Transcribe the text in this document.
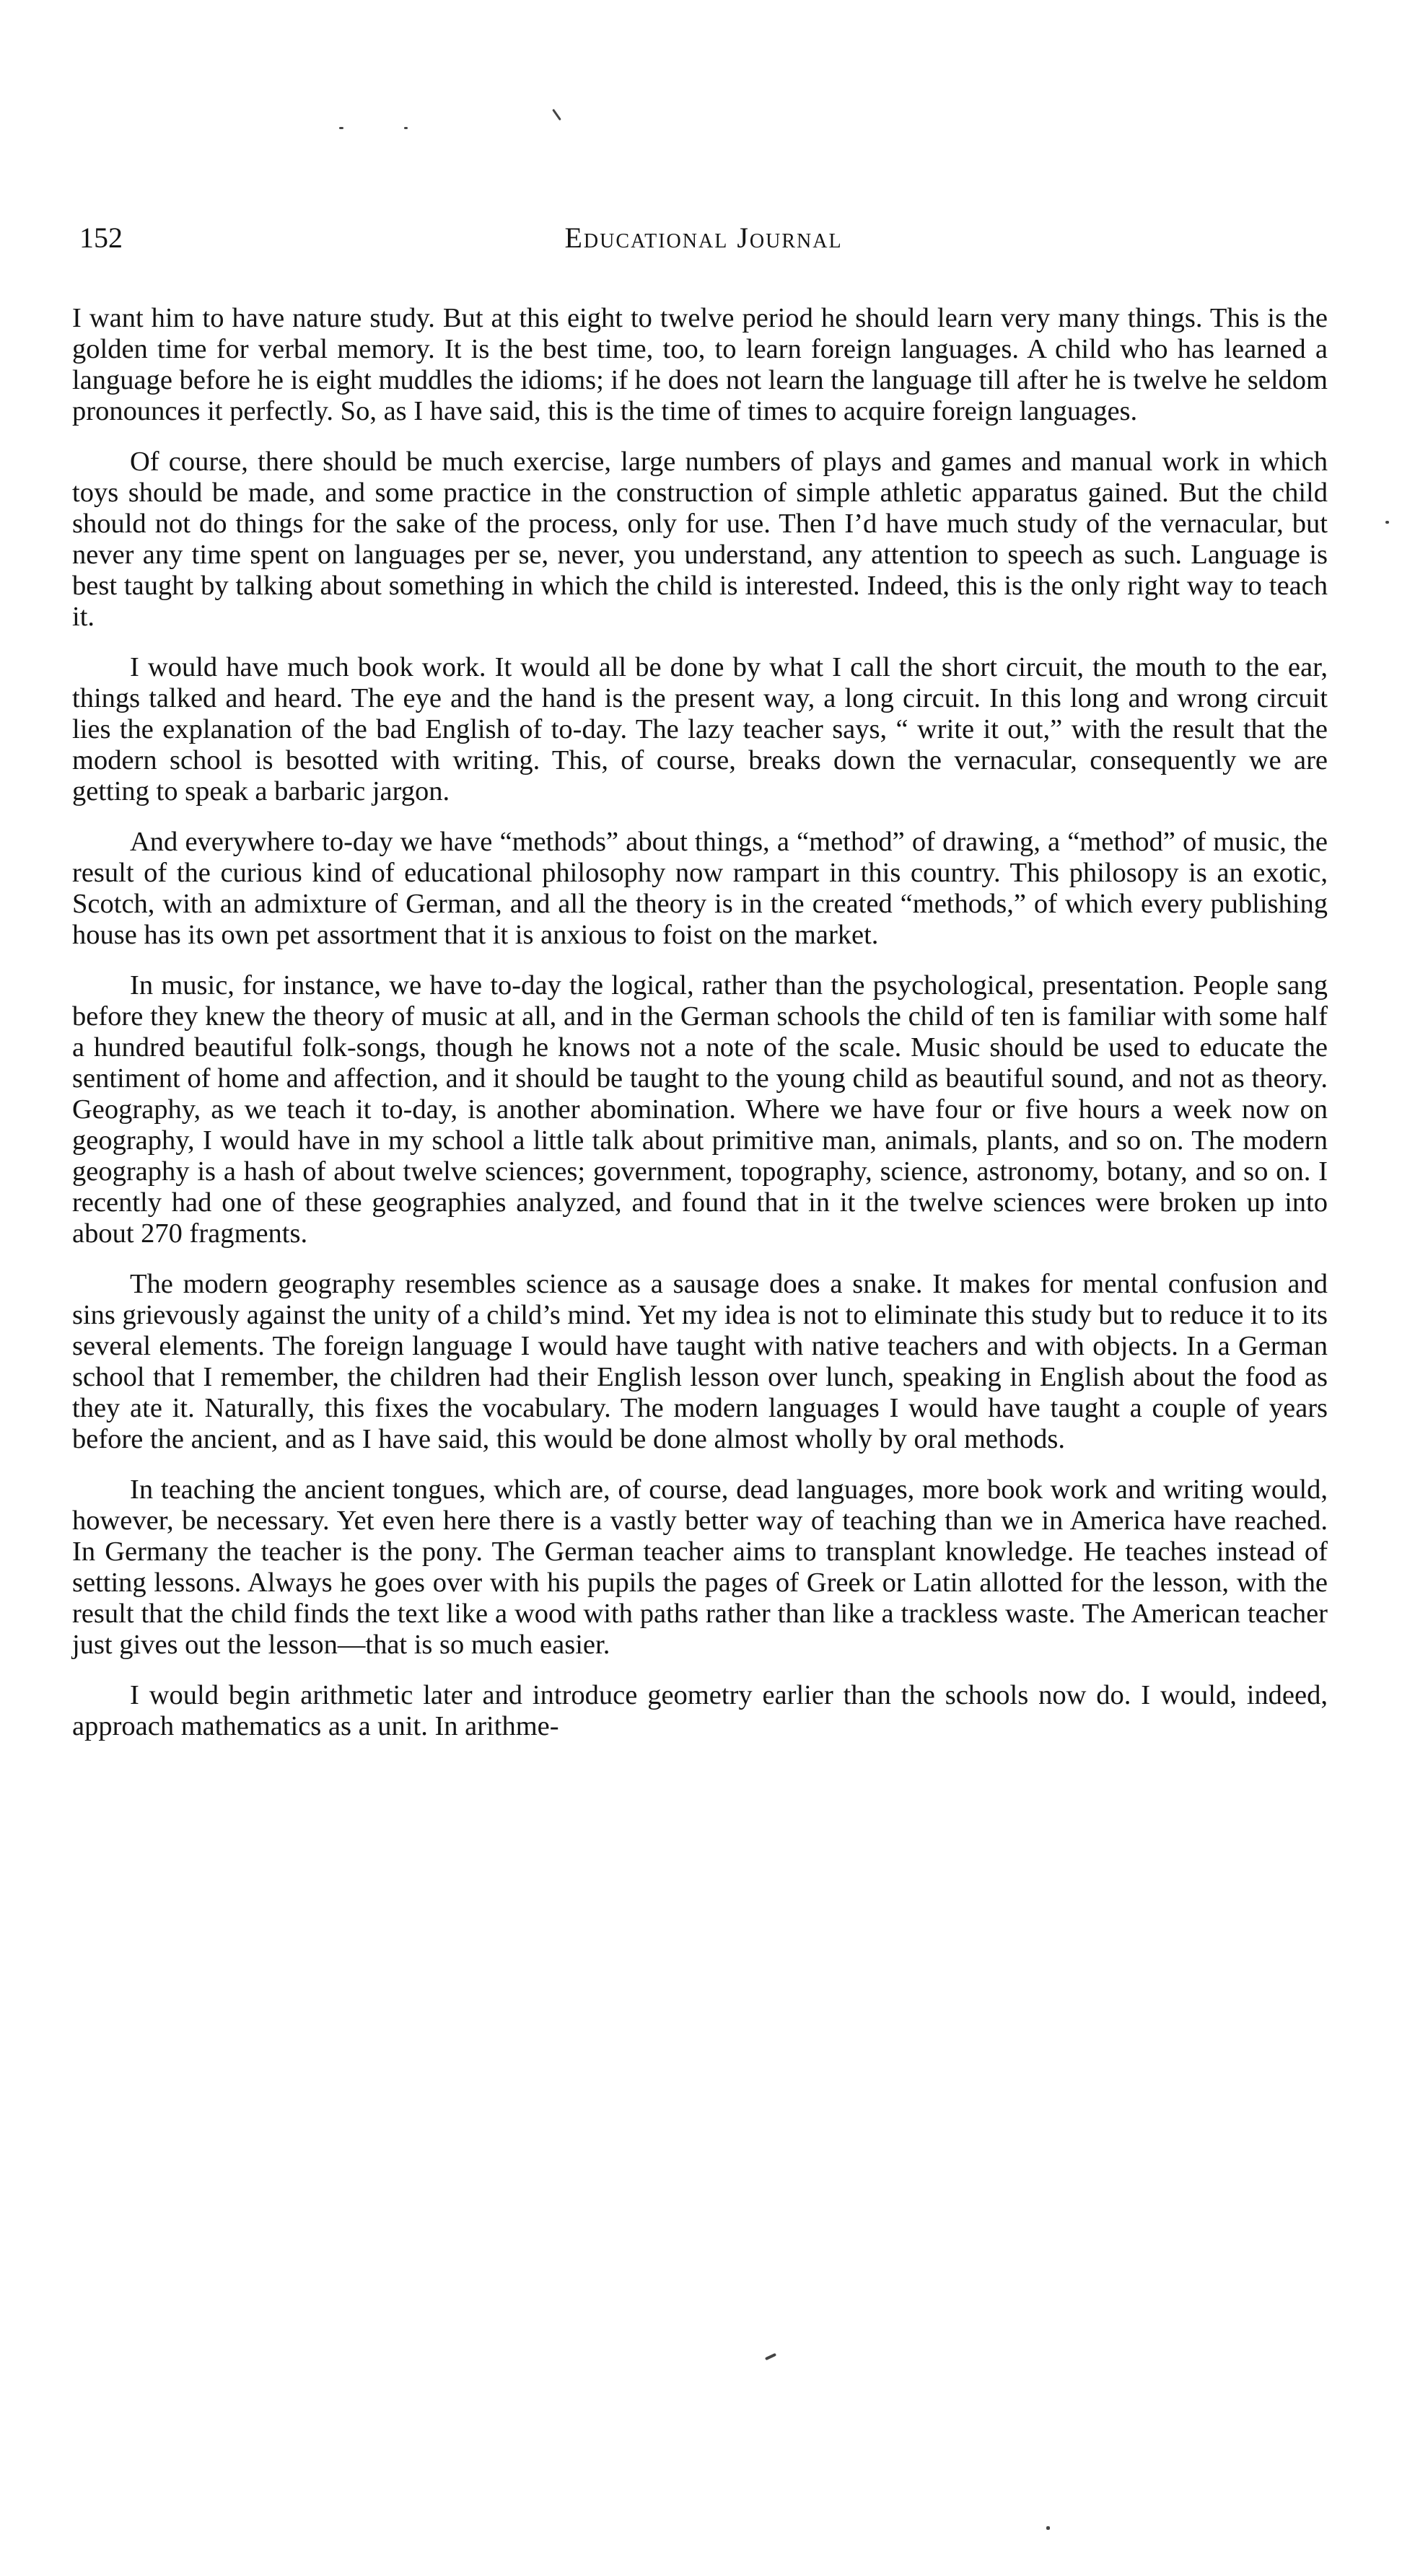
152	Educational Journal

I want him to have nature study. But at this eight to twelve period he should learn very many things. This is the golden time for verbal memory. It is the best time, too, to learn foreign languages. A child who has learned a language before he is eight muddles the idioms; if he does not learn the language till after he is twelve he seldom pronounces it perfectly. So, as I have said, this is the time of times to acquire foreign languages.

Of course, there should be much exercise, large numbers of plays and games and manual work in which toys should be made, and some practice in the construction of simple athletic apparatus gained. But the child should not do things for the sake of the process, only for use. Then I’d have much study of the vernacular, but never any time spent on languages per se, never, you understand, any attention to speech as such. Language is best taught by talking about something in which the child is interested. Indeed, this is the only right way to teach it.

I would have much book work. It would all be done by what I call the short circuit, the mouth to the ear, things talked and heard. The eye and the hand is the present way, a long circuit. In this long and wrong circuit lies the explanation of the bad English of to-day. The lazy teacher says, “ write it out,” with the result that the modern school is besotted with writing. This, of course, breaks down the vernacular, consequently we are getting to speak a barbaric jargon.

And everywhere to-day we have “methods” about things, a “method” of drawing, a “method” of music, the result of the curious kind of educational philosophy now rampart in this country. This philosopy is an exotic, Scotch, with an admixture of German, and all the theory is in the created “methods,” of which every publishing house has its own pet assortment that it is anxious to foist on the market.

In music, for instance, we have to-day the logical, rather than the psychological, presentation. People sang before they knew the theory of music at all, and in the German schools the child of ten is familiar with some half a hundred beautiful folk-songs, though he knows not a note of the scale. Music should be used to educate the sentiment of home and affection, and it should be taught to the young child as beautiful sound, and not as theory. Geography, as we teach it to-day, is another abomination. Where we have four or five hours a week now on geography, I would have in my school a little talk about primitive man, animals, plants, and so on. The modern geography is a hash of about twelve sciences; government, topography, science, astronomy, botany, and so on. I recently had one of these geographies analyzed, and found that in it the twelve sciences were broken up into about 270 fragments.

The modern geography resembles science as a sausage does a snake. It makes for mental confusion and sins grievously against the unity of a child’s mind. Yet my idea is not to eliminate this study but to reduce it to its several elements. The foreign language I would have taught with native teachers and with objects. In a German school that I remember, the children had their English lesson over lunch, speaking in English about the food as they ate it. Naturally, this fixes the vocabulary. The modern languages I would have taught a couple of years before the ancient, and as I have said, this would be done almost wholly by oral methods.

In teaching the ancient tongues, which are, of course, dead languages, more book work and writing would, however, be necessary. Yet even here there is a vastly better way of teaching than we in America have reached. In Germany the teacher is the pony. The German teacher aims to transplant knowledge. He teaches instead of setting lessons. Always he goes over with his pupils the pages of Greek or Latin allotted for the lesson, with the result that the child finds the text like a wood with paths rather than like a trackless waste. The American teacher just gives out the lesson—that is so much easier.

I would begin arithmetic later and introduce geometry earlier than the schools now do. I would, indeed, approach mathematics as a unit. In arithme-
